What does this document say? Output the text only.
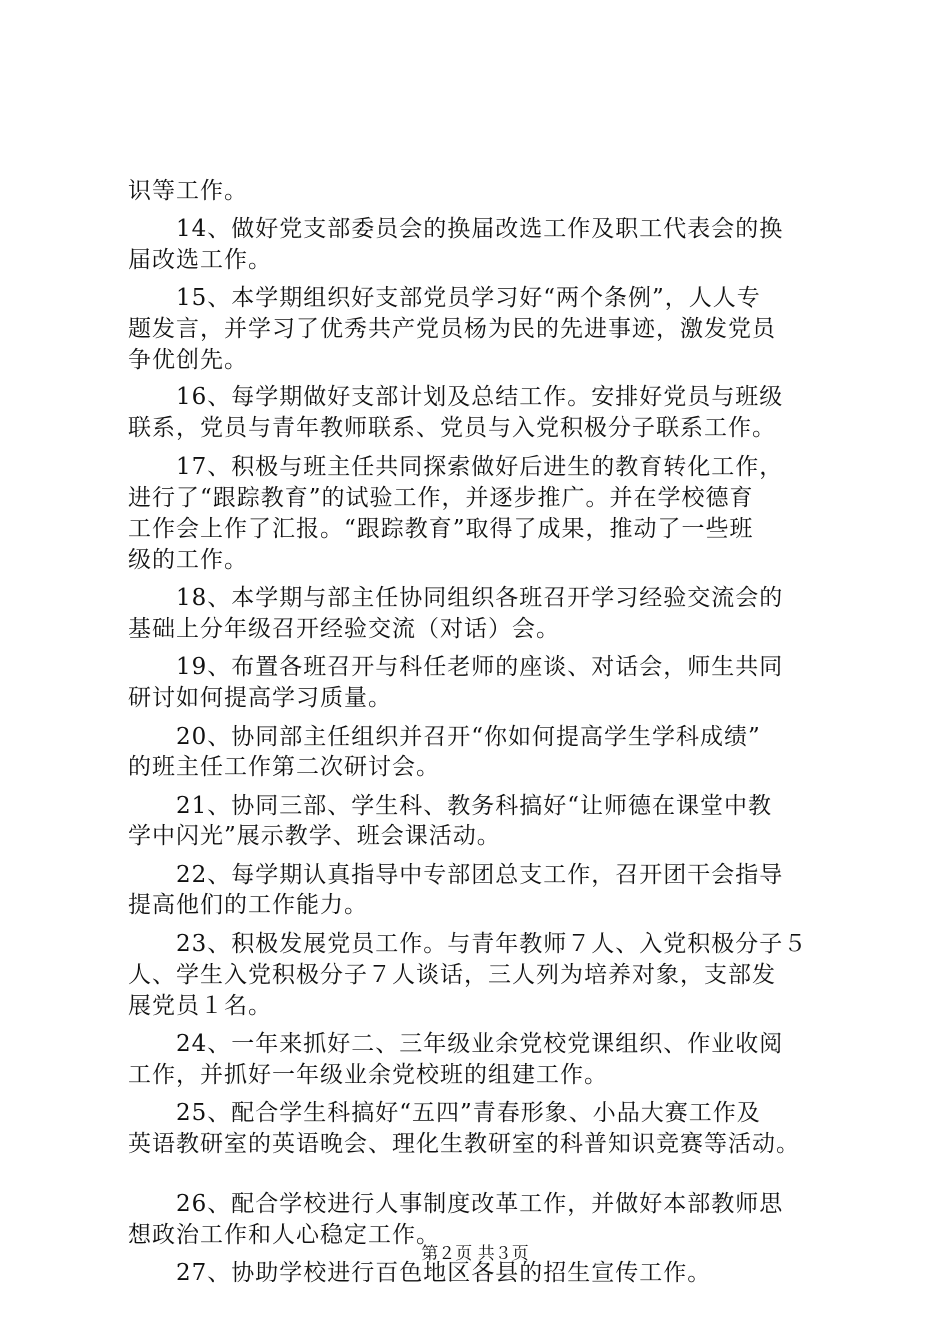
识等工作。
　　14、做好党支部委员会的换届改选工作及职工代表会的换
届改选工作。
　　15、本学期组织好支部党员学习好“两个条例”，人人专
题发言，并学习了优秀共产党员杨为民的先进事迹，激发党员
争优创先。
　　16、每学期做好支部计划及总结工作。安排好党员与班级
联系，党员与青年教师联系、党员与入党积极分子联系工作。
　　17、积极与班主任共同探索做好后进生的教育转化工作，
进行了“跟踪教育”的试验工作，并逐步推广。并在学校德育
工作会上作了汇报。“跟踪教育”取得了成果，推动了一些班
级的工作。
　　18、本学期与部主任协同组织各班召开学习经验交流会的
基础上分年级召开经验交流（对话）会。
　　19、布置各班召开与科任老师的座谈、对话会，师生共同
研讨如何提高学习质量。
　　20、协同部主任组织并召开“你如何提高学生学科成绩”
的班主任工作第二次研讨会。
　　21、协同三部、学生科、教务科搞好“让师德在课堂中教
学中闪光”展示教学、班会课活动。
　　22、每学期认真指导中专部团总支工作，召开团干会指导
提高他们的工作能力。
　　23、积极发展党员工作。与青年教师７人、入党积极分子５
人、学生入党积极分子７人谈话，三人列为培养对象，支部发
展党员１名。
　　24、一年来抓好二、三年级业余党校党课组织、作业收阅
工作，并抓好一年级业余党校班的组建工作。
　　25、配合学生科搞好“五四”青春形象、小品大赛工作及
英语教研室的英语晚会、理化生教研室的科普知识竞赛等活动。
　　26、配合学校进行人事制度改革工作，并做好本部教师思
想政治工作和人心稳定工作。
　　27、协助学校进行百色地区各县的招生宣传工作。
第２页 共３页
